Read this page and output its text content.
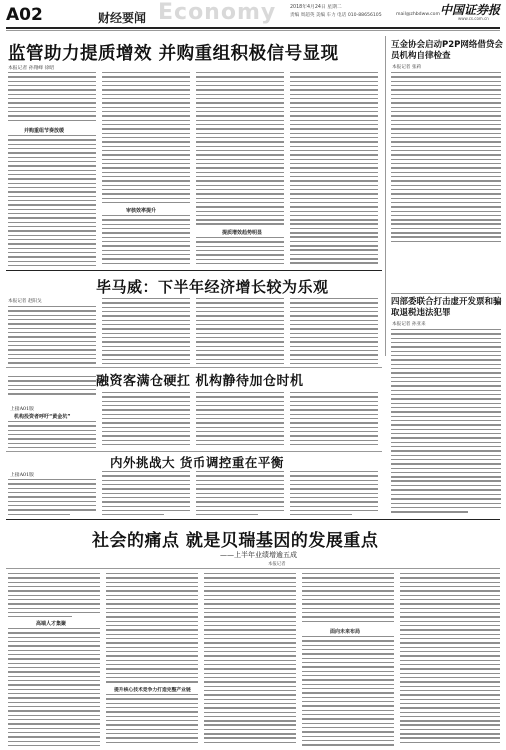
A02	财经要闻 Economy	2018年4月24日 星期二
责编 周超英 美编 车力 电话 010-88656105	mail@zhbdww.com 中国证券报
www.cs.com.cn
监管助力提质增效 并购重组积极信号显现
本报记者 孙翔峰 徐昭
并购重组节奏放缓
审核效率提升
提质增效趋势明显
互金协会启动P2P网络借贷会员机构自律检查
本报记者 张莉
四部委联合打击虚开发票和骗取退税违法犯罪
本报记者 孙亚来
毕马威：下半年经济增长较为乐观
本报记者 赵阳戈
融资客满仓硬扛 机构静待加仓时机
上接A01版
机构投资者呼吁“黄金坑”
内外挑战大 货币调控重在平衡
上接A01版
社会的痛点 就是贝瑞基因的发展重点
——上半年业绩增逾五成
本报记者
高端人才集聚
提升核心技术竞争力打造完整产业链
面向未来布局
